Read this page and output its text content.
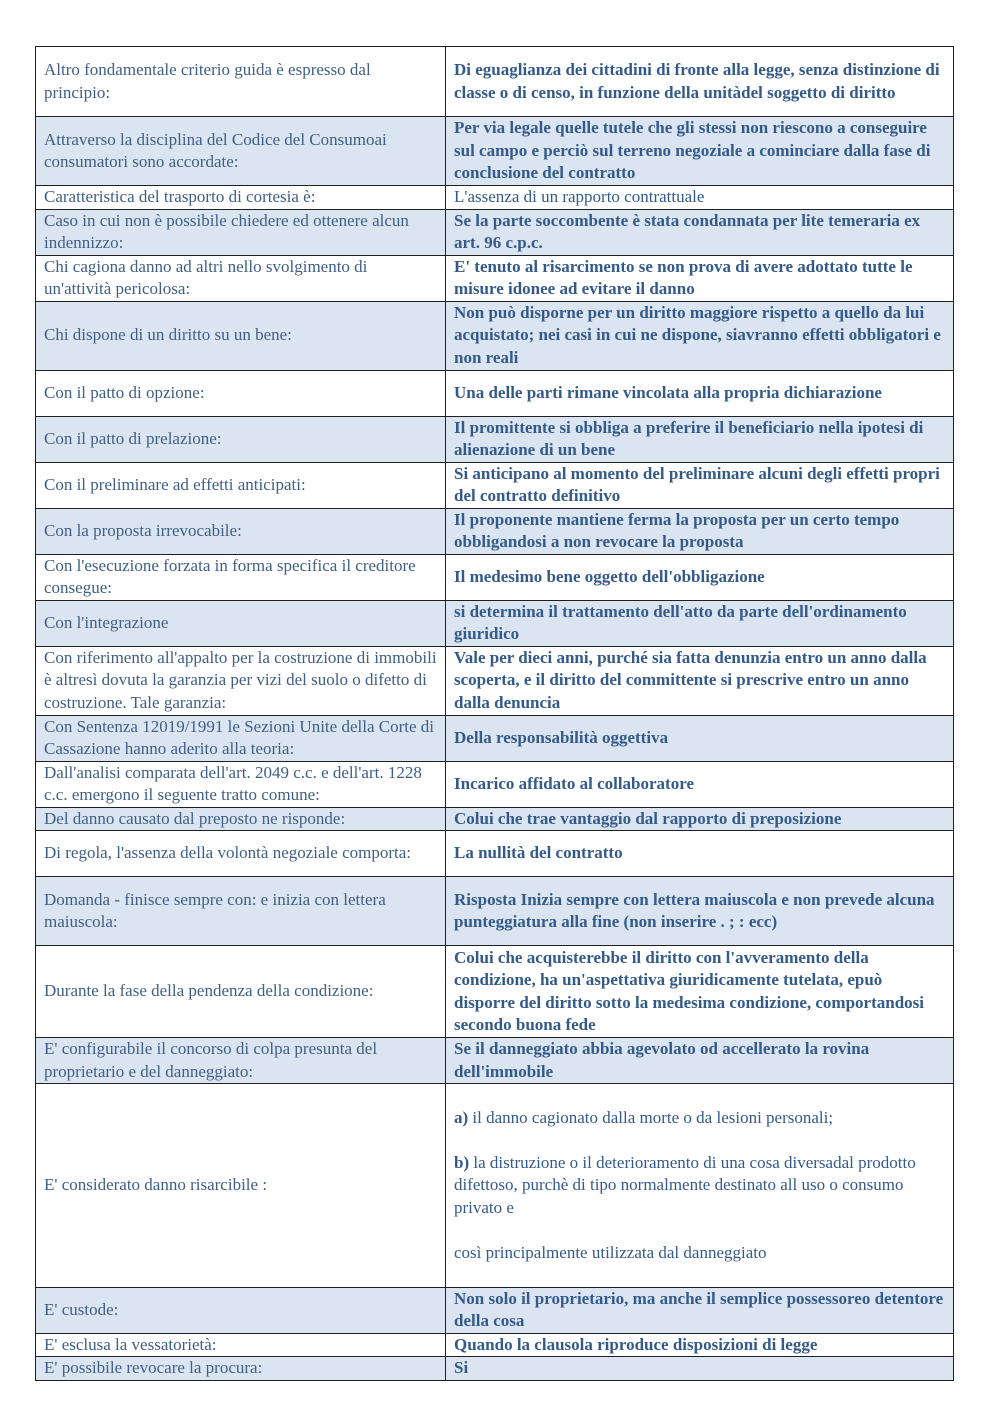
Altro fondamentale criterio guida è espresso dal principio:	Di eguaglianza dei cittadini di fronte alla legge, senza distinzione di classe o di censo, in funzione della unitàdel soggetto di diritto
Attraverso la disciplina del Codice del Consumoai consumatori sono accordate:	Per via legale quelle tutele che gli stessi non riescono a conseguire sul campo e perciò sul terreno negoziale a cominciare dalla fase di conclusione del contratto
Caratteristica del trasporto di cortesia è:	L'assenza di un rapporto contrattuale
Caso in cui non è possibile chiedere ed ottenere alcun indennizzo:	Se la parte soccombente è stata condannata per lite temeraria ex art. 96 c.p.c.
Chi cagiona danno ad altri nello svolgimento di un'attività pericolosa:	E' tenuto al risarcimento se non prova di avere adottato tutte le misure idonee ad evitare il danno
Chi dispone di un diritto su un bene:	Non può disporne per un diritto maggiore rispetto a quello da lui acquistato; nei casi in cui ne dispone, siavranno effetti obbligatori e non reali
Con il patto di opzione:	Una delle parti rimane vincolata alla propria dichiarazione
Con il patto di prelazione:	Il promittente si obbliga a preferire il beneficiario nella ipotesi di alienazione di un bene
Con il preliminare ad effetti anticipati:	Si anticipano al momento del preliminare alcuni degli effetti propri del contratto definitivo
Con la proposta irrevocabile:	Il proponente mantiene ferma la proposta per un certo tempo obbligandosi a non revocare la proposta
Con l'esecuzione forzata in forma specifica il creditore consegue:	Il medesimo bene oggetto dell'obbligazione
Con l'integrazione	si determina il trattamento dell'atto da parte dell'ordinamento giuridico
Con riferimento all'appalto per la costruzione di immobili è altresì dovuta la garanzia per vizi del suolo o difetto di costruzione. Tale garanzia:	Vale per dieci anni, purché sia fatta denunzia entro un anno dalla scoperta, e il diritto del committente si prescrive entro un anno dalla denuncia
Con Sentenza 12019/1991 le Sezioni Unite della Corte di Cassazione hanno aderito alla teoria:	Della responsabilità oggettiva
Dall'analisi comparata dell'art. 2049 c.c. e dell'art. 1228 c.c. emergono il seguente tratto comune:	Incarico affidato al collaboratore
Del danno causato dal preposto ne risponde:	Colui che trae vantaggio dal rapporto di preposizione
Di regola, l'assenza della volontà negoziale comporta:	La nullità del contratto
Domanda - finisce sempre con: e inizia con lettera maiuscola:	Risposta Inizia sempre con lettera maiuscola e non prevede alcuna punteggiatura alla fine (non inserire . ; : ecc)
Durante la fase della pendenza della condizione:	Colui che acquisterebbe il diritto con l'avveramento della condizione, ha un'aspettativa giuridicamente tutelata, epuò disporre del diritto sotto la medesima condizione, comportandosi secondo buona fede
E' configurabile il concorso di colpa presunta del proprietario e del danneggiato:	Se il danneggiato abbia agevolato od accellerato la rovina dell'immobile
E' considerato danno risarcibile :	a) il danno cagionato dalla morte o da lesioni personali;

b) la distruzione o il deterioramento di una cosa diversadal prodotto difettoso, purchè di tipo normalmente destinato all uso o consumo privato e

così principalmente utilizzata dal danneggiato

E' custode:	Non solo il proprietario, ma anche il semplice possessoreo detentore della cosa
E' esclusa la vessatorietà:	Quando la clausola riproduce disposizioni di legge
E' possibile revocare la procura:	Si
